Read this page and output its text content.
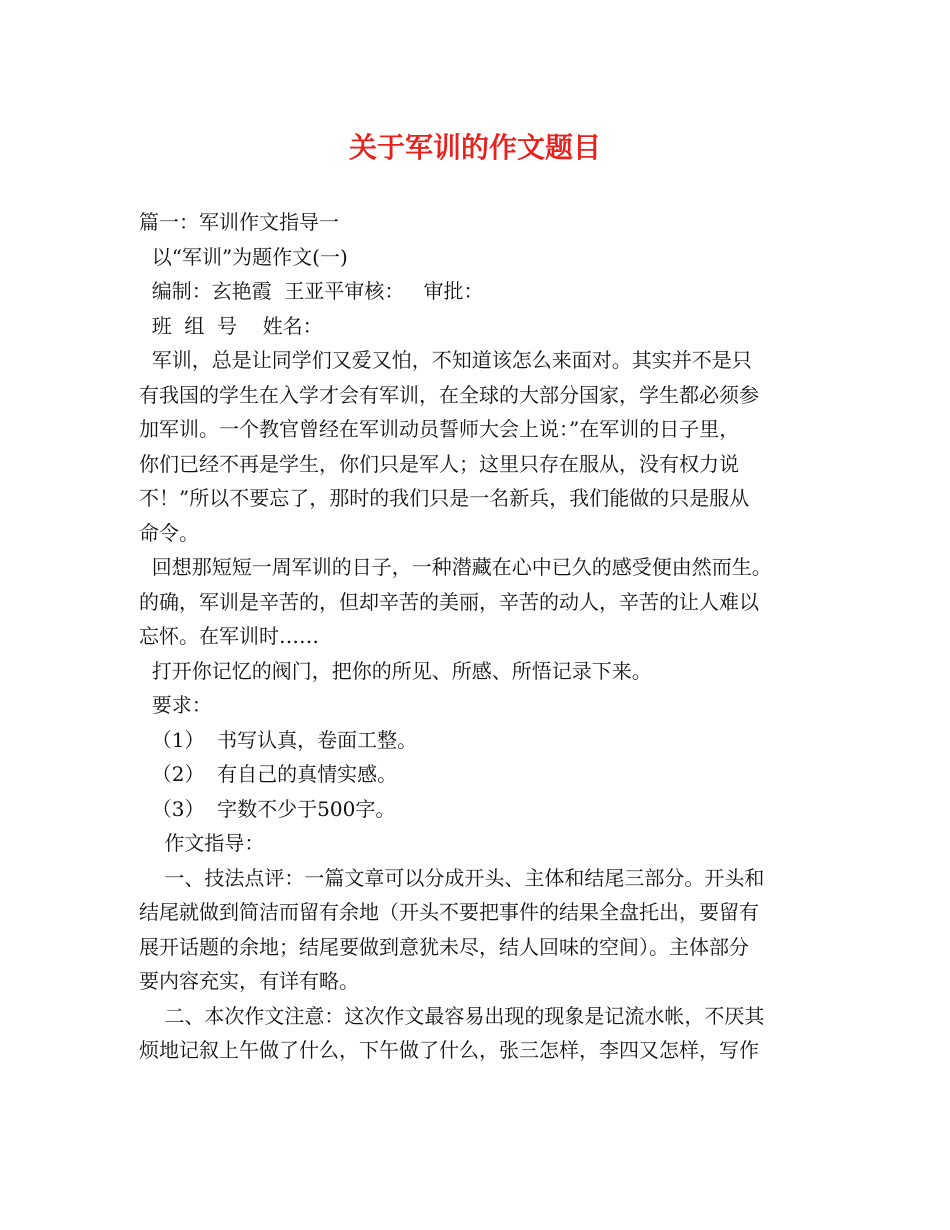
关于军训的作文题目
篇一：军训作文指导一
以“军训”为题作文(一)
编制：玄艳霞  王亚平审核：   审批：
班  组  号    姓名：
军训，总是让同学们又爱又怕，不知道该怎么来面对。其实并不是只
有我国的学生在入学才会有军训，在全球的大部分国家，学生都必须参
加军训。一个教官曾经在军训动员誓师大会上说：”在军训的日子里，
你们已经不再是学生，你们只是军人；这里只存在服从，没有权力说
不！”所以不要忘了，那时的我们只是一名新兵，我们能做的只是服从
命令。
回想那短短一周军训的日子，一种潜藏在心中已久的感受便由然而生。
的确，军训是辛苦的，但却辛苦的美丽，辛苦的动人，辛苦的让人难以
忘怀。在军训时……
打开你记忆的阀门，把你的所见、所感、所悟记录下来。
要求：
（1）  书写认真，卷面工整。
（2）  有自己的真情实感。
（3）  字数不少于500字。
作文指导：
一、技法点评：一篇文章可以分成开头、主体和结尾三部分。开头和
结尾就做到简洁而留有余地（开头不要把事件的结果全盘托出，要留有
展开话题的余地；结尾要做到意犹未尽，结人回味的空间）。主体部分
要内容充实，有详有略。
二、本次作文注意：这次作文最容易出现的现象是记流水帐，不厌其
烦地记叙上午做了什么，下午做了什么，张三怎样，李四又怎样，写作
